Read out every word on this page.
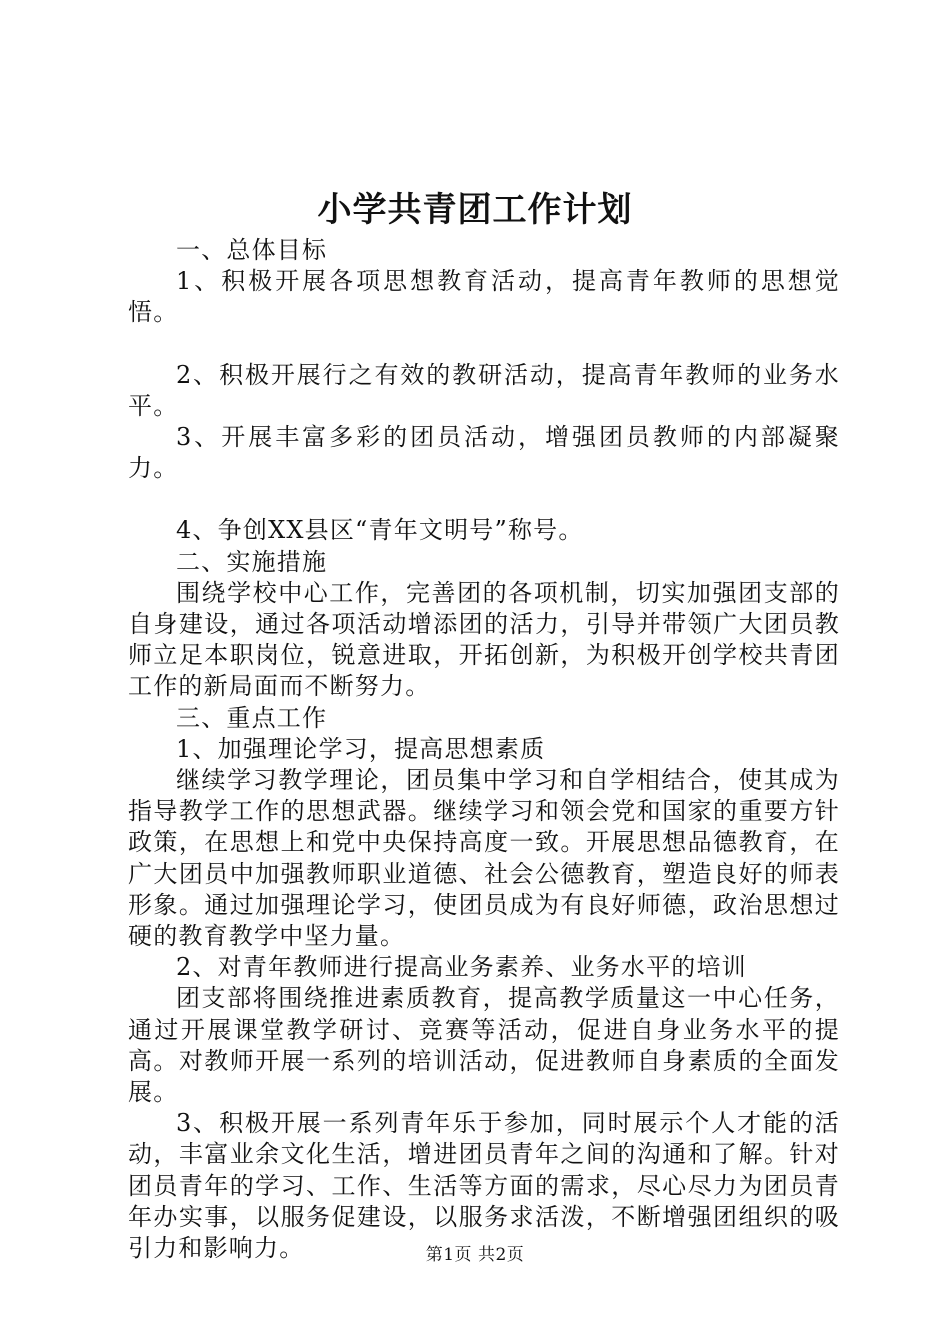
小学共青团工作计划

一、总体目标

1、积极开展各项思想教育活动，提高青年教师的思想觉悟。

2、积极开展行之有效的教研活动，提高青年教师的业务水平。

3、开展丰富多彩的团员活动，增强团员教师的内部凝聚力。

4、争创XX县区“青年文明号”称号。

二、实施措施

围绕学校中心工作，完善团的各项机制，切实加强团支部的自身建设，通过各项活动增添团的活力，引导并带领广大团员教师立足本职岗位，锐意进取，开拓创新，为积极开创学校共青团工作的新局面而不断努力。

三、重点工作

1、加强理论学习，提高思想素质

继续学习教学理论，团员集中学习和自学相结合，使其成为指导教学工作的思想武器。继续学习和领会党和国家的重要方针政策，在思想上和党中央保持高度一致。开展思想品德教育，在广大团员中加强教师职业道德、社会公德教育，塑造良好的师表形象。通过加强理论学习，使团员成为有良好师德，政治思想过硬的教育教学中坚力量。

2、对青年教师进行提高业务素养、业务水平的培训

团支部将围绕推进素质教育，提高教学质量这一中心任务，通过开展课堂教学研讨、竞赛等活动，促进自身业务水平的提高。对教师开展一系列的培训活动，促进教师自身素质的全面发展。

3、积极开展一系列青年乐于参加，同时展示个人才能的活动，丰富业余文化生活，增进团员青年之间的沟通和了解。针对团员青年的学习、工作、生活等方面的需求，尽心尽力为团员青年办实事，以服务促建设，以服务求活泼，不断增强团组织的吸引力和影响力。	第1页 共2页
